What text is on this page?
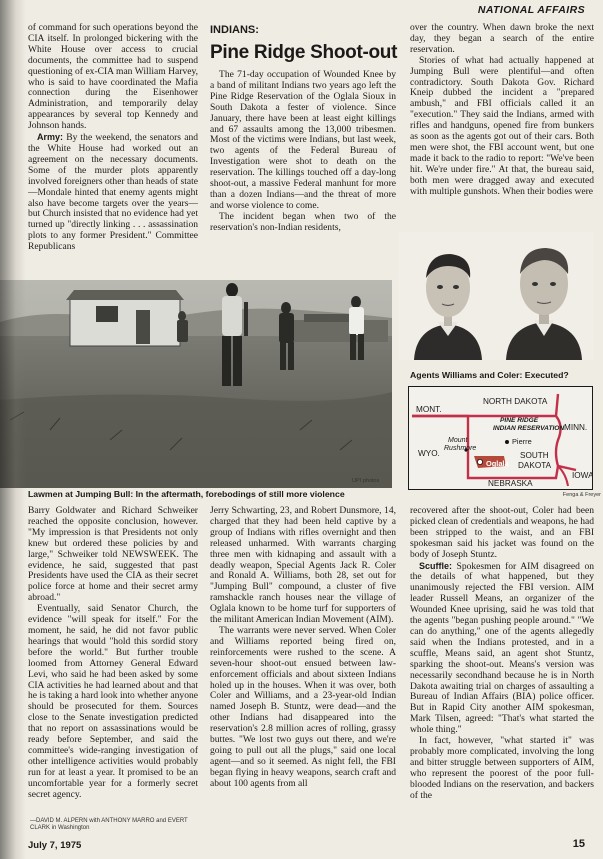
NATIONAL AFFAIRS

of command for such operations beyond the CIA itself. In prolonged bickering with the White House over access to crucial documents, the committee had to suspend questioning of ex-CIA man William Harvey, who is said to have coordinated the Mafia connection during the Eisenhower Administration, and temporarily delay appearances by several top Kennedy and Johnson hands.

Army: By the weekend, the senators and the White House had worked out an agreement on the necessary documents. Some of the murder plots apparently involved foreigners other than heads of state—Mondale hinted that enemy agents might also have become targets over the years—but Church insisted that no evidence had yet turned up "directly linking . . . assassination plots to any former President." Committee Republicans

INDIANS:
Pine Ridge Shoot-out

The 71-day occupation of Wounded Knee by a band of militant Indians two years ago left the Pine Ridge Reservation of the Oglala Sioux in South Dakota a fester of violence. Since January, there have been at least eight killings and 67 assaults among the 13,000 tribesmen. Most of the victims were Indians, but last week, two agents of the Federal Bureau of Investigation were shot to death on the reservation. The killings touched off a day-long shoot-out, a massive Federal manhunt for more than a dozen Indians—and the threat of more and worse violence to come.

The incident began when two of the reservation's non-Indian residents,

over the country. When dawn broke the next day, they began a search of the entire reservation.

Stories of what had actually happened at Jumping Bull were plentiful—and often contradictory. South Dakota Gov. Richard Kneip dubbed the incident a "prepared ambush," and FBI officials called it an "execution." They said the Indians, armed with rifles and handguns, opened fire from bunkers as soon as the agents got out of their cars. Both men were shot, the FBI account went, but one made it back to the radio to report: "We've been hit. We're under fire." At that, the bureau said, both men were dragged away and executed with multiple gunshots. When their bodies were

UPI photos
Lawmen at Jumping Bull: In the aftermath, forebodings of still more violence
Agents Williams and Coler: Executed?
NORTH DAKOTA
MONT.
MINN.
WYO.	SOUTH
DAKOTA
IOWA
NEBRASKA
PINE RIDGE
INDIAN RESERVATION
Mount
Rushmore
Pierre
Oglala
Fenga & Freyer

Barry Goldwater and Richard Schweiker reached the opposite conclusion, however. "My impression is that Presidents not only knew but ordered these policies by and large," Schweiker told NEWSWEEK. The evidence, he said, suggested that past Presidents have used the CIA as their secret police force at home and their secret army abroad."

Eventually, said Senator Church, the evidence "will speak for itself." For the moment, he said, he did not favor public hearings that would "hold this sordid story before the world." But further trouble loomed from Attorney General Edward Levi, who said he had been asked by some CIA activities he had learned about and that he is taking a hard look into whether anyone should be prosecuted for them. Sources close to the Senate investigation predicted that no report on assassinations would be ready before September, and said the committee's wide-ranging investigation of other intelligence activities would probably run for at least a year. It promised to be an uncomfortable year for a formerly secret secret agency.

Jerry Schwarting, 23, and Robert Dunsmore, 14, charged that they had been held captive by a group of Indians with rifles overnight and then released unharmed. With warrants charging three men with kidnaping and assault with a deadly weapon, Special Agents Jack R. Coler and Ronald A. Williams, both 28, set out for "Jumping Bull" compound, a cluster of five ramshackle ranch houses near the village of Oglala known to be home turf for supporters of the militant American Indian Movement (AIM).

The warrants were never served. When Coler and Williams reported being fired on, reinforcements were rushed to the scene. A seven-hour shoot-out ensued between law-enforcement officials and about sixteen Indians holed up in the houses. When it was over, both Coler and Williams, and a 23-year-old Indian named Joseph B. Stuntz, were dead—and the other Indians had disappeared into the reservation's 2.8 million acres of rolling, grassy buttes. "We lost two guys out there, and we're going to pull out all the plugs," said one local agent—and so it seemed. As night fell, the FBI began flying in heavy weapons, search craft and about 100 agents from all

recovered after the shoot-out, Coler had been picked clean of credentials and weapons, he had been stripped to the waist, and an FBI spokesman said his jacket was found on the body of Joseph Stuntz.

Scuffle: Spokesmen for AIM disagreed on the details of what happened, but they unanimously rejected the FBI version. AIM leader Russell Means, an organizer of the Wounded Knee uprising, said he was told that the agents "began pushing people around." "We can do anything," one of the agents allegedly said when the Indians protested, and in a scuffle, Means said, an agent shot Stuntz, sparking the shoot-out. Means's version was necessarily secondhand because he is in North Dakota awaiting trial on charges of assaulting a Bureau of Indian Affairs (BIA) police officer. But in Rapid City another AIM spokesman, Mark Tilsen, agreed: "That's what started the whole thing."

In fact, however, "what started it" was probably more complicated, involving the long and bitter struggle between supporters of AIM, who represent the poorest of the poor full-blooded Indians on the reservation, and backers of the

—DAVID M. ALPERN with ANTHONY MARRO and EVERT
CLARK in Washington
July 7, 1975	15
